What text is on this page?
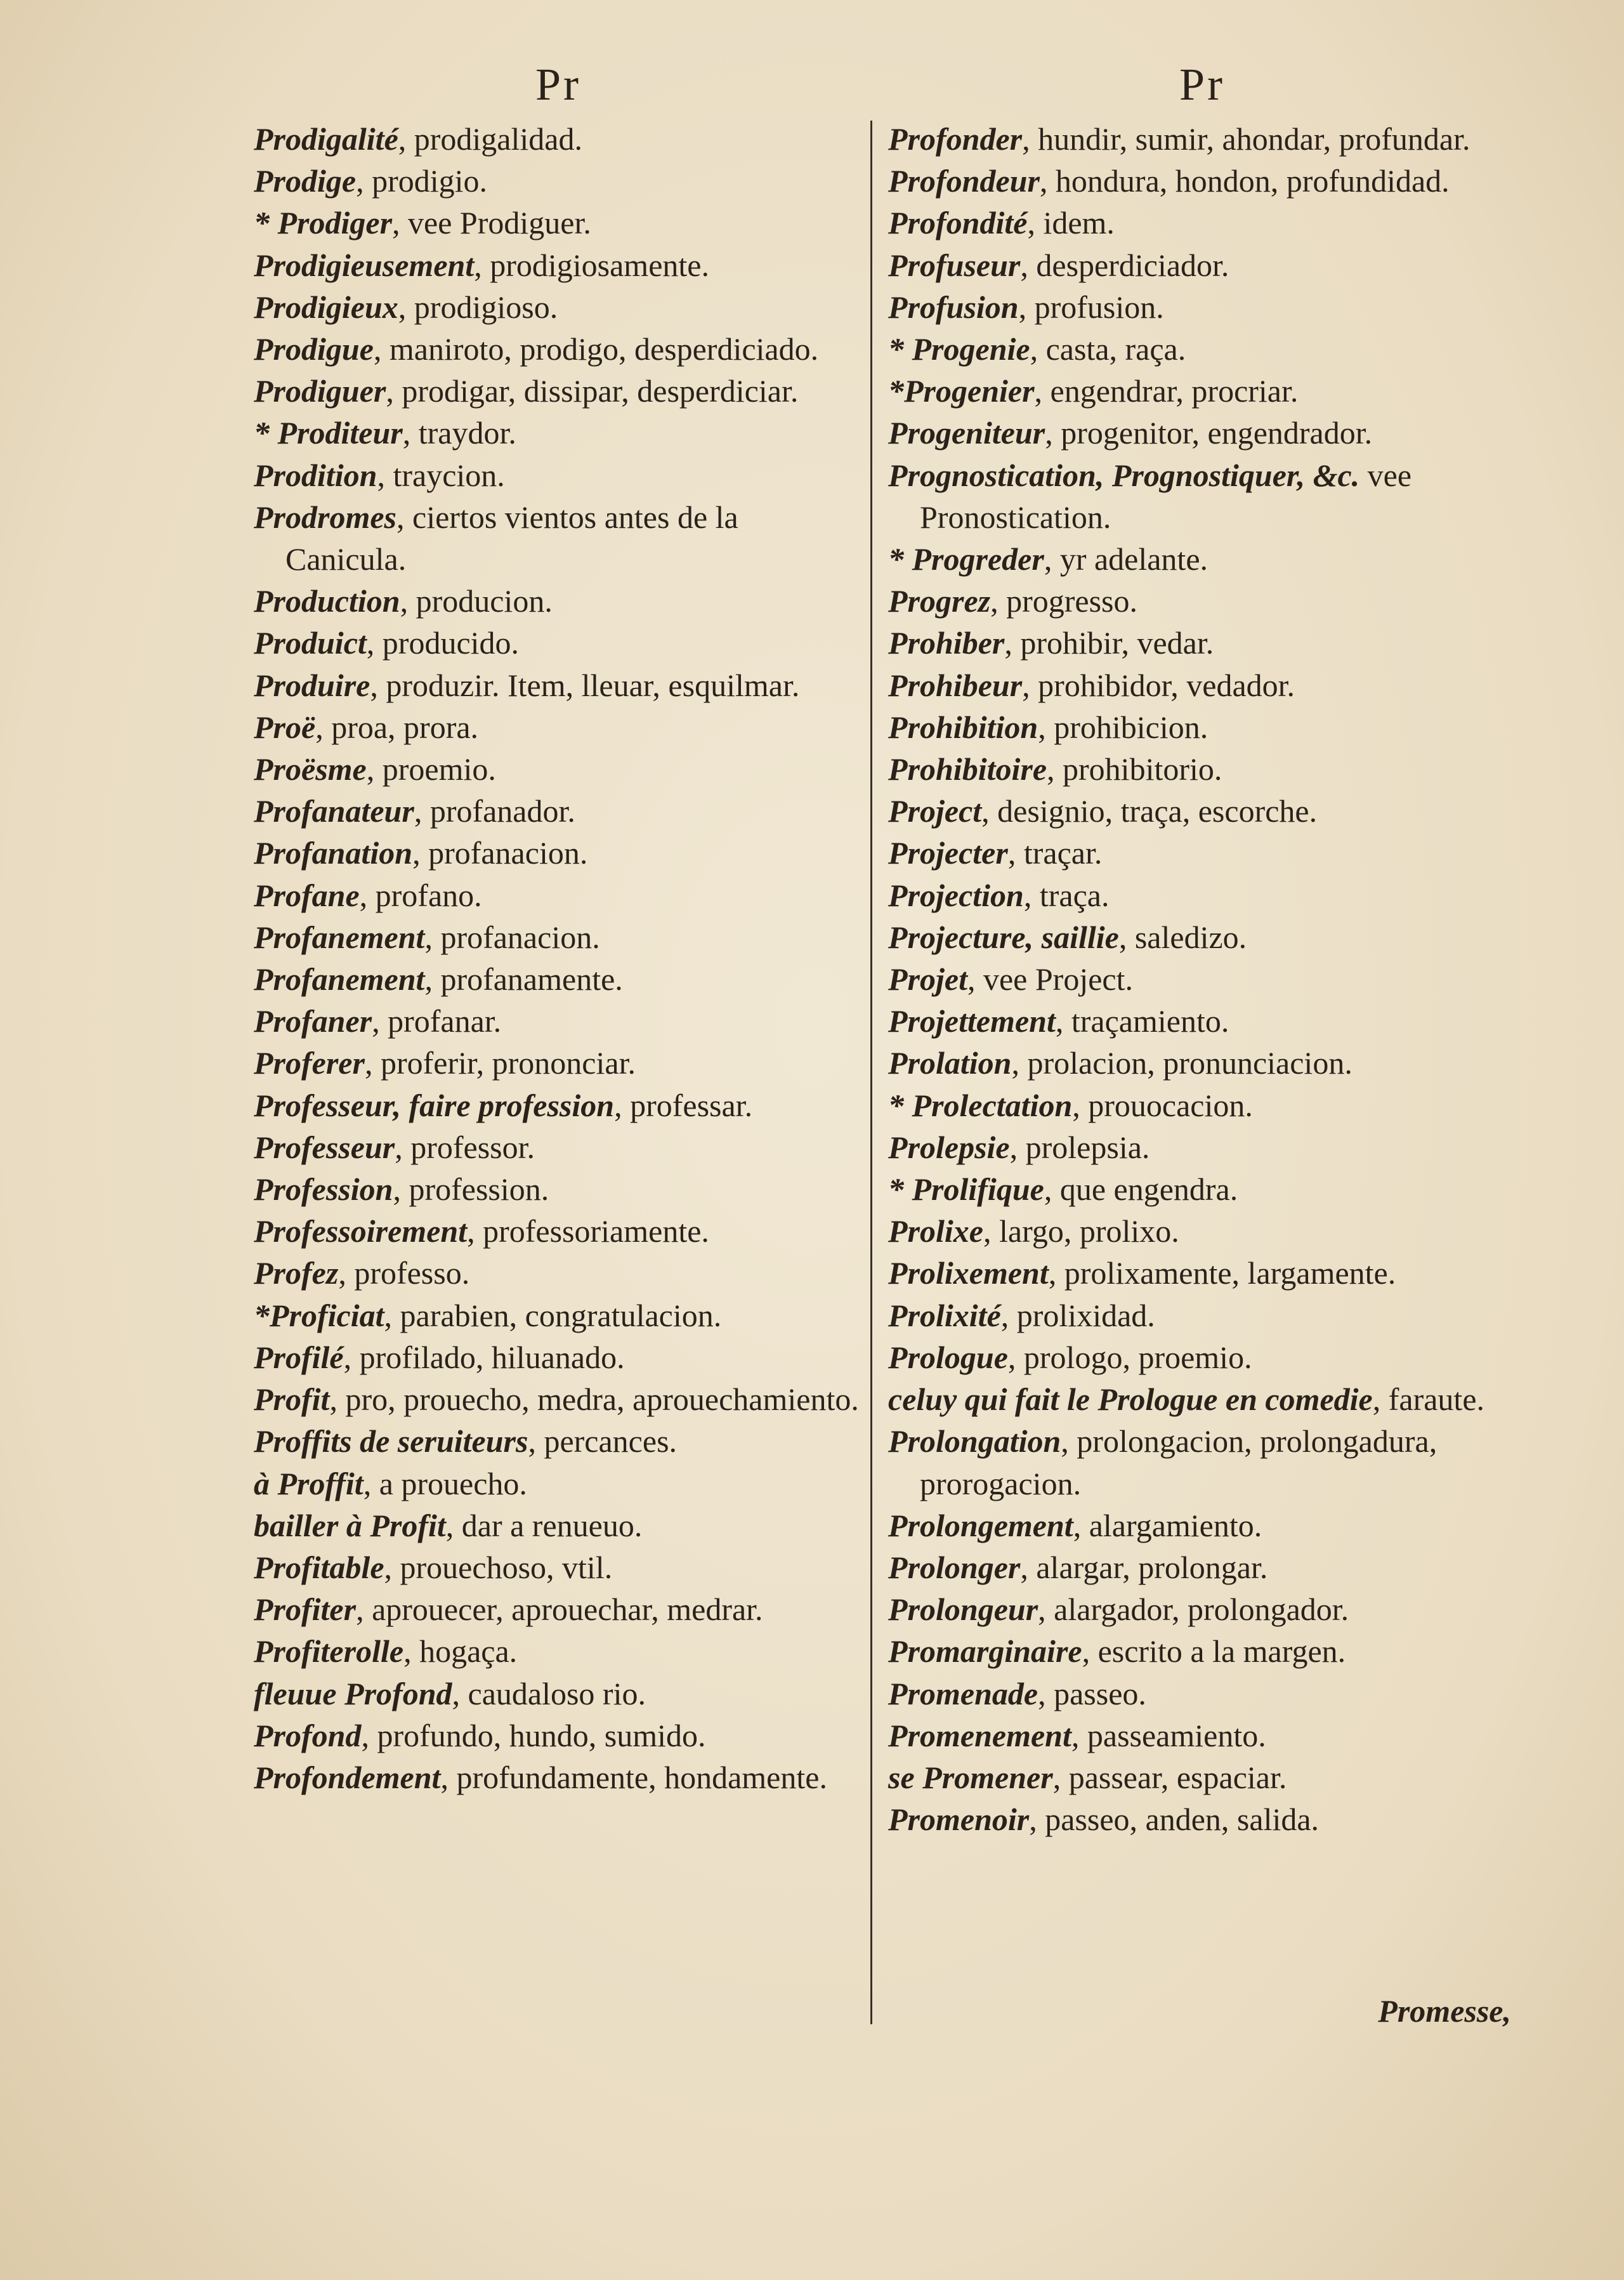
Pr
Prodigalité, prodigalidad.
Prodige, prodigio.
* Prodiger, vee Prodiguer.
Prodigieusement, prodigiosamente.
Prodigieux, prodigioso.
Prodigue, maniroto, prodigo, desperdiciado.
Prodiguer, prodigar, dissipar, desperdiciar.
* Proditeur, traydor.
Prodition, traycion.
Prodromes, ciertos vientos antes de la Canicula.
Production, producion.
Produict, producido.
Produire, produzir. Item, lleuar, esquilmar.
Proë, proa, prora.
Proësme, proemio.
Profanateur, profanador.
Profanation, profanacion.
Profane, profano.
Profanement, profanacion.
Profanement, profanamente.
Profaner, profanar.
Proferer, proferir, prononciar.
Professeur, faire profession, professar.
Professeur, professor.
Profession, profession.
Professoirement, professoriamente.
Profez, professo.
*Proficiat, parabien, congratulacion.
Profilé, profilado, hiluanado.
Profit, pro, prouecho, medra, aprouechamiento.
Proffits de seruiteurs, percances.
à Proffit, a prouecho.
bailler à Profit, dar a renueuo.
Profitable, prouechoso, vtil.
Profiter, aprouecer, aprouechar, medrar.
Profiterolle, hogaça.
fleuue Profond, caudaloso rio.
Profond, profundo, hundo, sumido.
Profondement, profundamente, hondamente.
Pr
Profonder, hundir, sumir, ahondar, profundar.
Profondeur, hondura, hondon, profundidad.
Profondité, idem.
Profuseur, desperdiciador.
Profusion, profusion.
* Progenie, casta, raça.
*Progenier, engendrar, procriar.
Progeniteur, progenitor, engendrador.
Prognostication, Prognostiquer, &c. vee Pronostication.
* Progreder, yr adelante.
Progrez, progresso.
Prohiber, prohibir, vedar.
Prohibeur, prohibidor, vedador.
Prohibition, prohibicion.
Prohibitoire, prohibitorio.
Project, designio, traça, escorche.
Projecter, traçar.
Projection, traça.
Projecture, saillie, saledizo.
Projet, vee Project.
Projettement, traçamiento.
Prolation, prolacion, pronunciacion.
* Prolectation, prouocacion.
Prolepsie, prolepsia.
* Prolifique, que engendra.
Prolixe, largo, prolixo.
Prolixement, prolixamente, largamente.
Prolixité, prolixidad.
Prologue, prologo, proemio.
celuy qui fait le Prologue en comedie, faraute.
Prolongation, prolongacion, prolongadura, prorogacion.
Prolongement, alargamiento.
Prolonger, alargar, prolongar.
Prolongeur, alargador, prolongador.
Promarginaire, escrito a la margen.
Promenade, passeo.
Promenement, passeamiento.
se Promener, passear, espaciar.
Promenoir, passeo, anden, salida.
Promesse,
